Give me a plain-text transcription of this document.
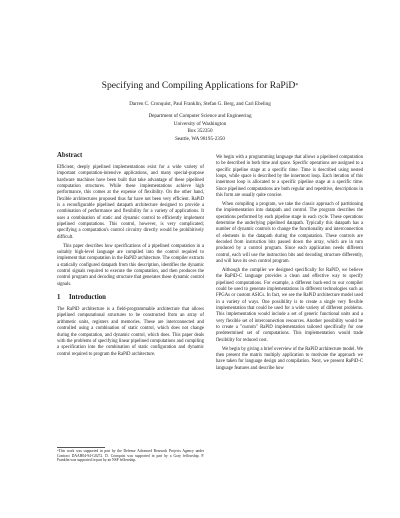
Specifying and Compiling Applications for RaPiD*
Darren C. Cronquist, Paul Franklin, Stefan G. Berg, and Carl Ebeling
Department of Computer Science and Engineering
University of Washington
Box 352350
Seattle, WA 98195-2350
Abstract

Efficient, deeply pipelined implementations exist for a wide variety of important computation-intensive applications, and many special-purpose hardware machines have been built that take advantage of these pipelined computation structures. While these implementations achieve high performance, this comes at the expense of flexibility. On the other hand, flexible architectures proposed thus far have not been very efficient. RaPiD is a reconfigurable pipelined datapath architecture designed to provide a combination of performance and flexibility for a variety of applications. It uses a combination of static and dynamic control to efficiently implement pipelined computations. This control, however, is very complicated; specifying a computation's control circuitry directly would be prohibitively difficult.

This paper describes how specifications of a pipelined computation in a suitably high-level language are compiled into the control required to implement that computation in the RaPiD architecture. The compiler extracts a statically configured datapath from this description, identifies the dynamic control signals required to execute the computation, and then produces the control program and decoding structure that generates these dynamic control signals.

1 Introduction

The RaPiD architecture is a field-programmable architecture that allows pipelined computational structures to be constructed from an array of arithmetic units, registers and memories. These are interconnected and controlled using a combination of static control, which does not change during the computation, and dynamic control, which does. This paper deals with the problems of specifying linear pipelined computations and compiling a specification into the combination of static configuration and dynamic control required to program the RaPiD architecture.

We begin with a programming language that allows a pipelined computation to be described in both time and space. Specific operations are assigned to a specific pipeline stage at a specific time. Time is described using nested loops, while space is described by the innermost loop. Each iteration of this innermost loop is allocated to a specific pipeline stage at a specific time. Since pipelined computations are both regular and repetitive, descriptions in this form are usually quite concise.

When compiling a program, we take the classic approach of partitioning the implementation into datapath and control. The program describes the operations performed by each pipeline stage in each cycle. These operations determine the underlying pipelined datapath. Typically this datapath has a number of dynamic controls to change the functionality and interconnection of elements in the datapath during the computation. These controls are decoded from instruction bits passed down the array, which are in turn produced by a control program. Since each application needs different control, each will use the instruction bits and decoding structure differently, and will have its own control program.

Although the compiler we designed specifically for RaPiD, we believe the RaPiD-C language provides a clean and effective way to specify pipelined computations. For example, a different back-end to our compiler could be used to generate implementations in different technologies such as FPGAs or custom ASICs. In fact, we see the RaPiD architecture model used in a variety of ways. One possibility is to create a single very flexible implementation that could be used for a wide variety of different problems. This implementation would include a set of generic functional units and a very flexible set of interconnection resources. Another possibility would be to create a "custom" RaPiD implementation tailored specifically for one predetermined set of computations. This implementation would trade flexibility for reduced cost.

We begin by giving a brief overview of the RaPiD architecture model. We then present the matrix multiply application to motivate the approach we have taken for language design and compilation. Next, we present RaPiD-C language features and describe how

*This work was supported in part by the Defense Advanced Research Projects Agency under Contract DAAH04-94-G0272. D. Cronquist was supported in part by a Gray fellowship. P. Franklin was supported in part by an NSF fellowship.
